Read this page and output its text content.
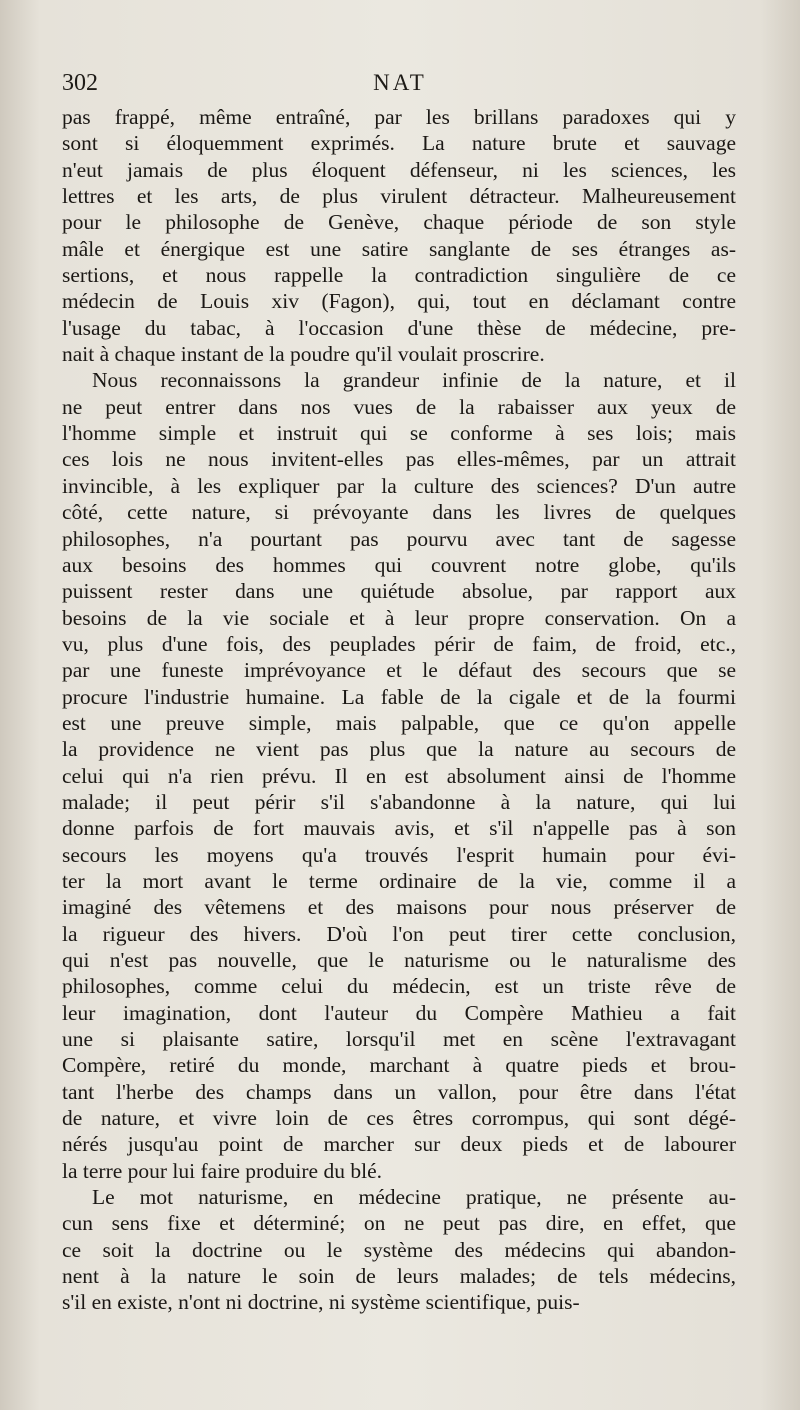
302	NAT
pas frappé, même entraîné, par les brillans paradoxes qui y
sont si éloquemment exprimés. La nature brute et sauvage
n'eut jamais de plus éloquent défenseur, ni les sciences, les
lettres et les arts, de plus virulent détracteur. Malheureusement
pour le philosophe de Genève, chaque période de son style
mâle et énergique est une satire sanglante de ses étranges as-
sertions, et nous rappelle la contradiction singulière de ce
médecin de Louis xiv (Fagon), qui, tout en déclamant contre
l'usage du tabac, à l'occasion d'une thèse de médecine, pre-
nait à chaque instant de la poudre qu'il voulait proscrire.
Nous reconnaissons la grandeur infinie de la nature, et il
ne peut entrer dans nos vues de la rabaisser aux yeux de
l'homme simple et instruit qui se conforme à ses lois; mais
ces lois ne nous invitent-elles pas elles-mêmes, par un attrait
invincible, à les expliquer par la culture des sciences? D'un autre
côté, cette nature, si prévoyante dans les livres de quelques
philosophes, n'a pourtant pas pourvu avec tant de sagesse
aux besoins des hommes qui couvrent notre globe, qu'ils
puissent rester dans une quiétude absolue, par rapport aux
besoins de la vie sociale et à leur propre conservation. On a
vu, plus d'une fois, des peuplades périr de faim, de froid, etc.,
par une funeste imprévoyance et le défaut des secours que se
procure l'industrie humaine. La fable de la cigale et de la fourmi
est une preuve simple, mais palpable, que ce qu'on appelle
la providence ne vient pas plus que la nature au secours de
celui qui n'a rien prévu. Il en est absolument ainsi de l'homme
malade; il peut périr s'il s'abandonne à la nature, qui lui
donne parfois de fort mauvais avis, et s'il n'appelle pas à son
secours les moyens qu'a trouvés l'esprit humain pour évi-
ter la mort avant le terme ordinaire de la vie, comme il a
imaginé des vêtemens et des maisons pour nous préserver de
la rigueur des hivers. D'où l'on peut tirer cette conclusion,
qui n'est pas nouvelle, que le naturisme ou le naturalisme des
philosophes, comme celui du médecin, est un triste rêve de
leur imagination, dont l'auteur du Compère Mathieu a fait
une si plaisante satire, lorsqu'il met en scène l'extravagant
Compère, retiré du monde, marchant à quatre pieds et brou-
tant l'herbe des champs dans un vallon, pour être dans l'état
de nature, et vivre loin de ces êtres corrompus, qui sont dégé-
nérés jusqu'au point de marcher sur deux pieds et de labourer
la terre pour lui faire produire du blé.
Le mot naturisme, en médecine pratique, ne présente au-
cun sens fixe et déterminé; on ne peut pas dire, en effet, que
ce soit la doctrine ou le système des médecins qui abandon-
nent à la nature le soin de leurs malades; de tels médecins,
s'il en existe, n'ont ni doctrine, ni système scientifique, puis-
